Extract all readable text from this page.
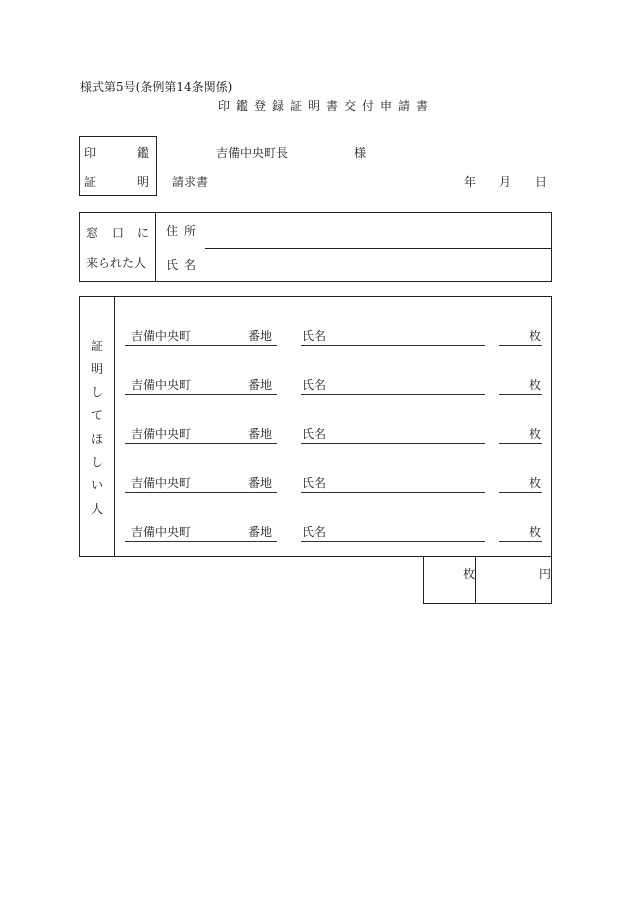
様式第5号(条例第14条関係)
印鑑登録証明書交付申請書
印	鑑
証	明
吉備中央町長	様
請求書	年 月 日
窓 口 に
来られた人
住所
氏名
証
明
し
て
ほ
し
い
人
吉備中央町	番地 氏名	枚
吉備中央町	番地 氏名	枚
吉備中央町	番地 氏名	枚
吉備中央町	番地 氏名	枚
吉備中央町	番地 氏名	枚
枚	円
